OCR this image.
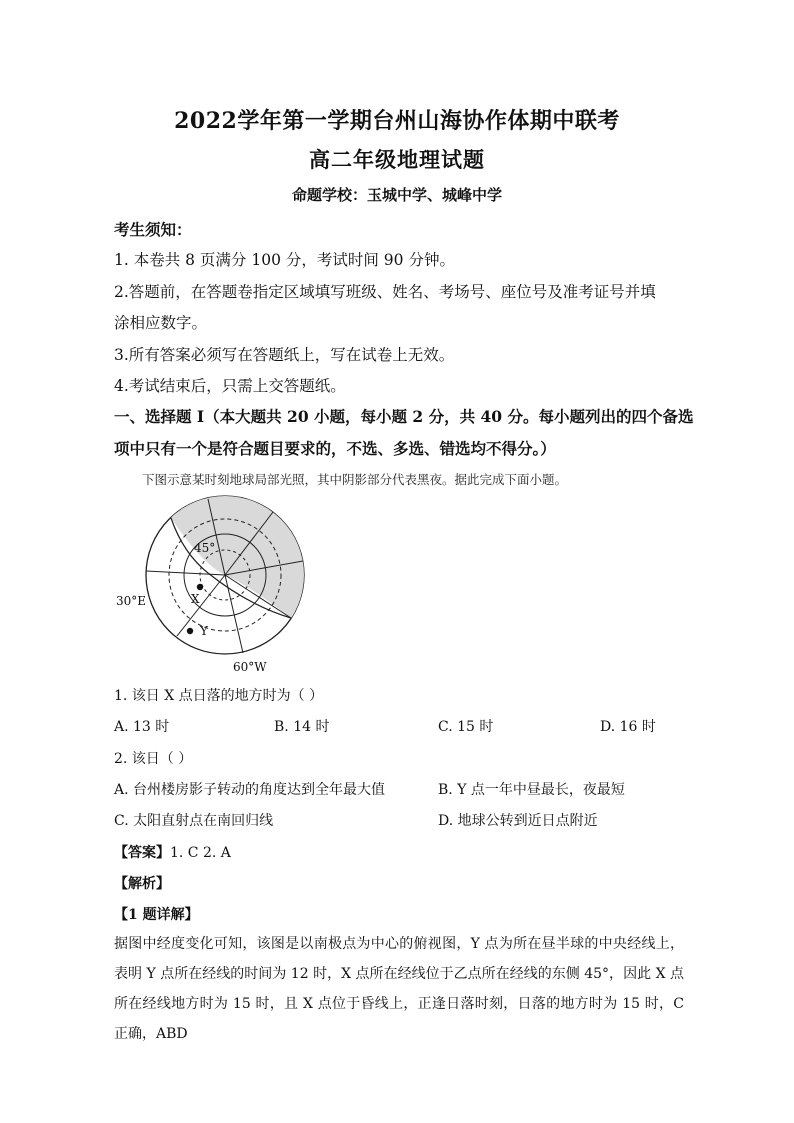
2022学年第一学期台州山海协作体期中联考
高二年级地理试题
命题学校：玉城中学、城峰中学
考生须知：
1. 本卷共 8 页满分 100 分，考试时间 90 分钟。
2.答题前，在答题卷指定区域填写班级、姓名、考场号、座位号及准考证号并填
涂相应数字。
3.所有答案必须写在答题纸上，写在试卷上无效。
4.考试结束后，只需上交答题纸。
一、选择题 I（本大题共 20 小题，每小题 2 分，共 40 分。每小题列出的四个备选
项中只有一个是符合题目要求的，不选、多选、错选均不得分。）
下图示意某时刻地球局部光照，其中阴影部分代表黑夜。据此完成下面小题。
45°
X
Y
30°E
60°W
1. 该日 X 点日落的地方时为（ ）
A. 13 时	B. 14 时	C. 15 时	D. 16 时
2. 该日（ ）
A. 台州楼房影子转动的角度达到全年最大值	B. Y 点一年中昼最长，夜最短
C. 太阳直射点在南回归线	D. 地球公转到近日点附近
【答案】1. C 2. A
【解析】
【1 题详解】
据图中经度变化可知，该图是以南极点为中心的俯视图，Y 点为所在昼半球的中央经线上，表明 Y 点所在经线的时间为 12 时，X 点所在经线位于乙点所在经线的东侧 45°，因此 X 点所在经线地方时为 15 时，且 X 点位于昏线上，正逢日落时刻，日落的地方时为 15 时，C 正确，ABD
